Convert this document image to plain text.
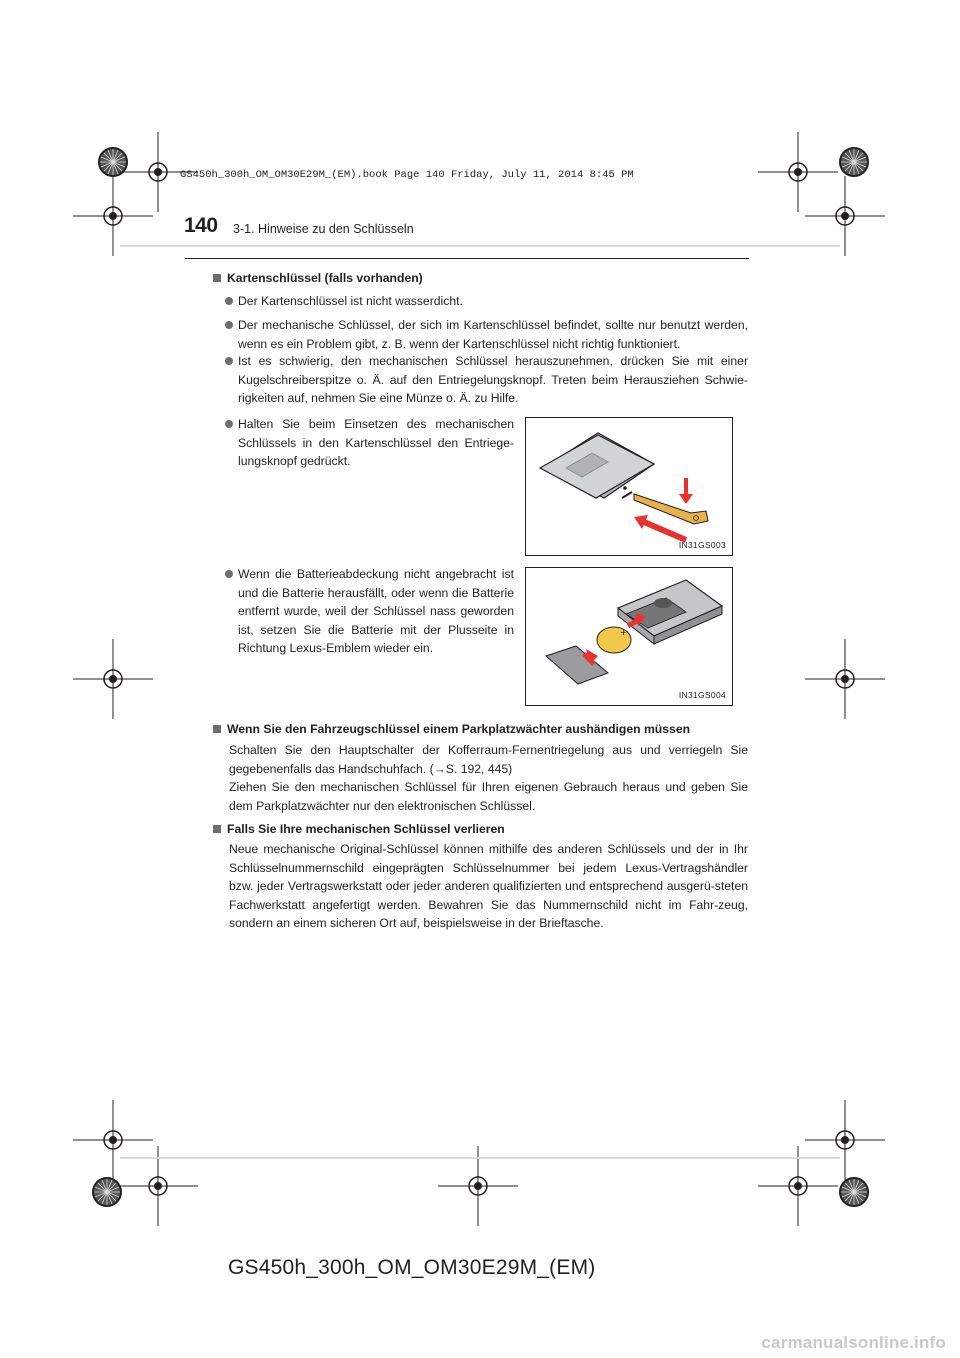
GS450h_300h_OM_OM30E29M_(EM).book Page 140 Friday, July 11, 2014 8:45 PM
140 3-1. Hinweise zu den Schlüsseln
Kartenschlüssel (falls vorhanden)
Der Kartenschlüssel ist nicht wasserdicht.
Der mechanische Schlüssel, der sich im Kartenschlüssel befindet, sollte nur benutzt werden, wenn es ein Problem gibt, z. B. wenn der Kartenschlüssel nicht richtig funktioniert.
Ist es schwierig, den mechanischen Schlüssel herauszunehmen, drücken Sie mit einer Kugelschreiberspitze o. Ä. auf den Entriegelungsknopf. Treten beim Herausziehen Schwie-rigkeiten auf, nehmen Sie eine Münze o. Ä. zu Hilfe.
Halten Sie beim Einsetzen des mechanischen Schlüssels in den Kartenschlüssel den Entriege-lungsknopf gedrückt.
Wenn die Batterieabdeckung nicht angebracht ist und die Batterie herausfällt, oder wenn die Batterie entfernt wurde, weil der Schlüssel nass geworden ist, setzen Sie die Batterie mit der Plusseite in Richtung Lexus-Emblem wieder ein.
IN31GS003
+
IN31GS004
Wenn Sie den Fahrzeugschlüssel einem Parkplatzwächter aushändigen müssen
Schalten Sie den Hauptschalter der Kofferraum-Fernentriegelung aus und verriegeln Sie gegebenenfalls das Handschuhfach. (→S. 192, 445)
Ziehen Sie den mechanischen Schlüssel für Ihren eigenen Gebrauch heraus und geben Sie dem Parkplatzwächter nur den elektronischen Schlüssel.
Falls Sie Ihre mechanischen Schlüssel verlieren
Neue mechanische Original-Schlüssel können mithilfe des anderen Schlüssels und der in Ihr Schlüsselnummernschild eingeprägten Schlüsselnummer bei jedem Lexus-Vertragshändler bzw. jeder Vertragswerkstatt oder jeder anderen qualifizierten und entsprechend ausgerü-steten Fachwerkstatt angefertigt werden. Bewahren Sie das Nummernschild nicht im Fahr-zeug, sondern an einem sicheren Ort auf, beispielsweise in der Brieftasche.
GS450h_300h_OM_OM30E29M_(EM)
carmanualsonline.info
